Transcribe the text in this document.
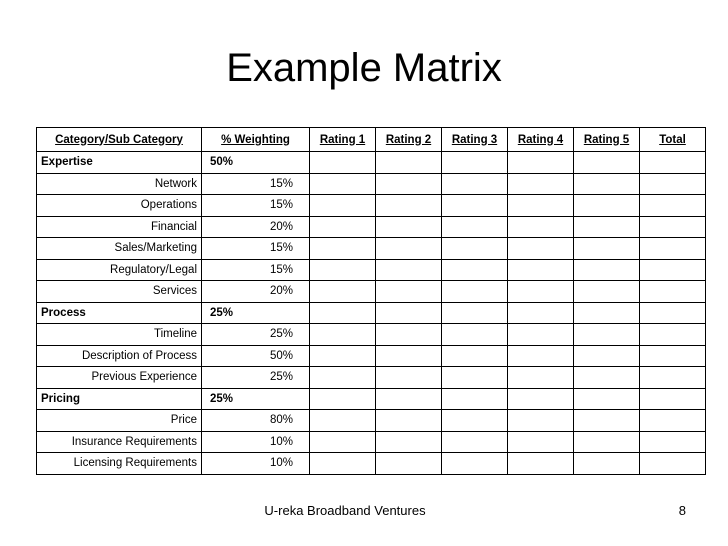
Example Matrix
Category/Sub Category	% Weighting	Rating 1	Rating 2	Rating 3	Rating 4	Rating 5	Total
Expertise	50%						
Network	15%						
Operations	15%						
Financial	20%						
Sales/Marketing	15%						
Regulatory/Legal	15%						
Services	20%						
Process	25%						
Timeline	25%						
Description of Process	50%						
Previous Experience	25%						
Pricing	25%						
Price	80%						
Insurance Requirements	10%						
Licensing Requirements	10%						
U-reka Broadband Ventures	8
